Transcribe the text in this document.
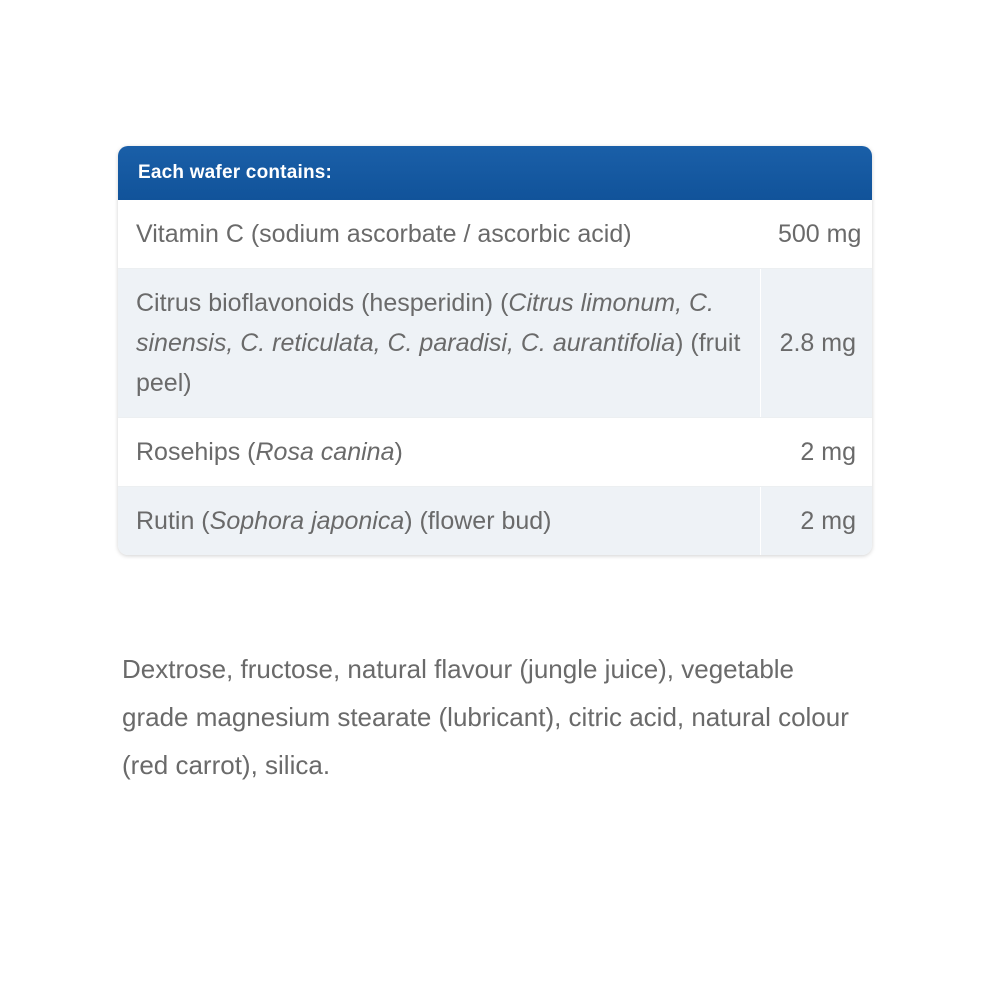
Each wafer contains:
Vitamin C (sodium ascorbate / ascorbic acid)	500 mg
Citrus bioflavonoids (hesperidin) (Citrus limonum, C. sinensis, C. reticulata, C. paradisi, C. aurantifolia) (fruit peel)	2.8 mg
Rosehips (Rosa canina)	2 mg
Rutin (Sophora japonica) (flower bud)	2 mg
Dextrose, fructose, natural flavour (jungle juice), vegetable grade magnesium stearate (lubricant), citric acid, natural colour (red carrot), silica.
